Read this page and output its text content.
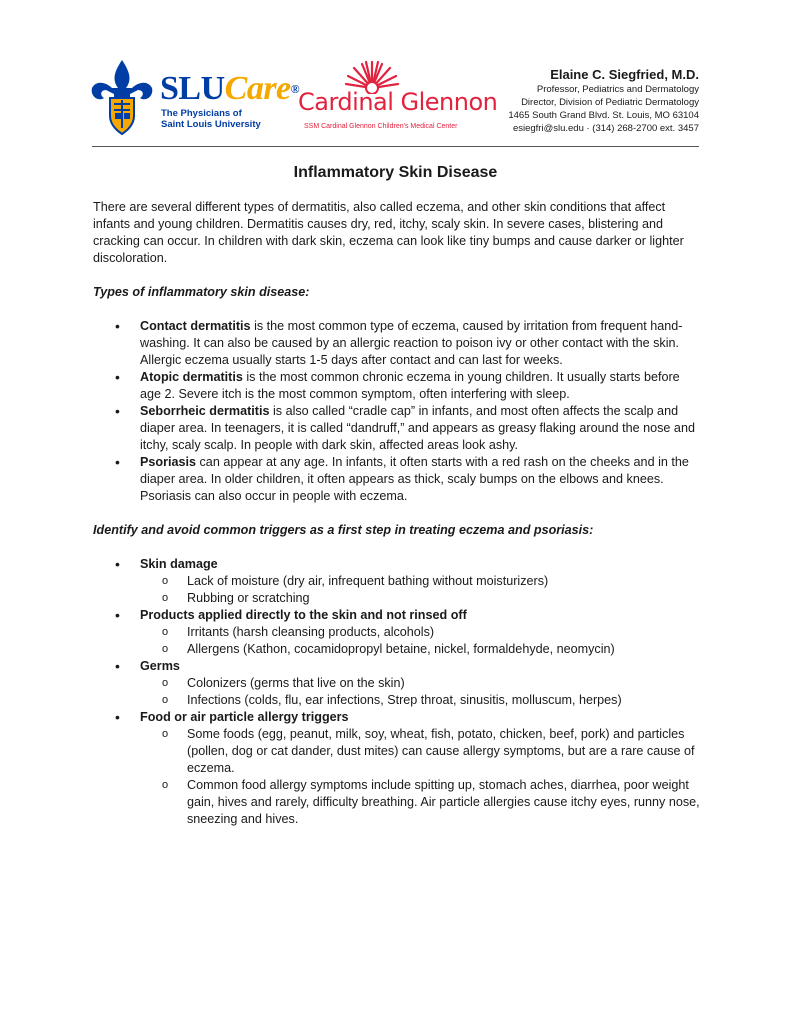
SLUCare®
The Physicians of
Saint Louis University
Cardinal Glennon
SSM Cardinal Glennon Children's Medical Center
Elaine C. Siegfried, M.D.
Professor, Pediatrics and Dermatology
Director, Division of Pediatric Dermatology
1465 South Grand Blvd. St. Louis, MO 63104
esiegfri@slu.edu · (314) 268-2700 ext. 3457
Inflammatory Skin Disease

There are several different types of dermatitis, also called eczema, and other skin conditions that affect infants and young children. Dermatitis causes dry, red, itchy, scaly skin. In severe cases, blistering and cracking can occur. In children with dark skin, eczema can look like tiny bumps and cause darker or lighter discoloration.

Types of inflammatory skin disease:

• Contact dermatitis is the most common type of eczema, caused by irritation from frequent hand-washing. It can also be caused by an allergic reaction to poison ivy or other contact with the skin. Allergic eczema usually starts 1-5 days after contact and can last for weeks.
• Atopic dermatitis is the most common chronic eczema in young children. It usually starts before age 2. Severe itch is the most common symptom, often interfering with sleep.
• Seborrheic dermatitis is also called “cradle cap” in infants, and most often affects the scalp and diaper area. In teenagers, it is called “dandruff,” and appears as greasy flaking around the nose and itchy, scaly scalp. In people with dark skin, affected areas look ashy.
• Psoriasis can appear at any age. In infants, it often starts with a red rash on the cheeks and in the diaper area. In older children, it often appears as thick, scaly bumps on the elbows and knees. Psoriasis can also occur in people with eczema.

Identify and avoid common triggers as a first step in treating eczema and psoriasis:

• Skin damage
o Lack of moisture (dry air, infrequent bathing without moisturizers)
o Rubbing or scratching
• Products applied directly to the skin and not rinsed off
o Irritants (harsh cleansing products, alcohols)
o Allergens (Kathon, cocamidopropyl betaine, nickel, formaldehyde, neomycin)
• Germs
o Colonizers (germs that live on the skin)
o Infections (colds, flu, ear infections, Strep throat, sinusitis, molluscum, herpes)
• Food or air particle allergy triggers
o Some foods (egg, peanut, milk, soy, wheat, fish, potato, chicken, beef, pork) and particles (pollen, dog or cat dander, dust mites) can cause allergy symptoms, but are a rare cause of eczema.
o Common food allergy symptoms include spitting up, stomach aches, diarrhea, poor weight gain, hives and rarely, difficulty breathing. Air particle allergies cause itchy eyes, runny nose, sneezing and hives.
